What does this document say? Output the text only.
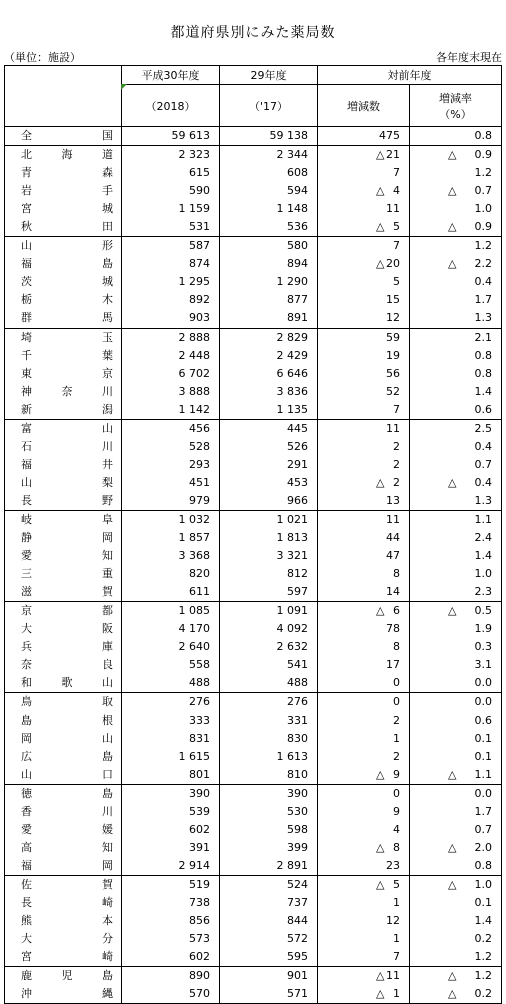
都道府県別にみた薬局数
（単位：施設）	各年度末現在
	平成30年度	29年度	対前年度	
	（2018）	（'17）	増減数	増減率
（%）

全 国	59 613	59 138	475	0.8

北 海 道	2 323	2 344	△ 21	△ 0.9

青 森	615	608	7	1.2

岩 手	590	594	△ 4	△ 0.7

宮 城	1 159	1 148	11	1.0

秋 田	531	536	△ 5	△ 0.9

山 形	587	580	7	1.2

福 島	874	894	△ 20	△ 2.2

茨 城	1 295	1 290	5	0.4

栃 木	892	877	15	1.7

群 馬	903	891	12	1.3

埼 玉	2 888	2 829	59	2.1

千 葉	2 448	2 429	19	0.8

東 京	6 702	6 646	56	0.8

神 奈 川	3 888	3 836	52	1.4

新 潟	1 142	1 135	7	0.6

富 山	456	445	11	2.5

石 川	528	526	2	0.4

福 井	293	291	2	0.7

山 梨	451	453	△ 2	△ 0.4

長 野	979	966	13	1.3

岐 阜	1 032	1 021	11	1.1

静 岡	1 857	1 813	44	2.4

愛 知	3 368	3 321	47	1.4

三 重	820	812	8	1.0

滋 賀	611	597	14	2.3

京 都	1 085	1 091	△ 6	△ 0.5

大 阪	4 170	4 092	78	1.9

兵 庫	2 640	2 632	8	0.3

奈 良	558	541	17	3.1

和 歌 山	488	488	0	0.0

鳥 取	276	276	0	0.0

島 根	333	331	2	0.6

岡 山	831	830	1	0.1

広 島	1 615	1 613	2	0.1

山 口	801	810	△ 9	△ 1.1

徳 島	390	390	0	0.0

香 川	539	530	9	1.7

愛 媛	602	598	4	0.7

高 知	391	399	△ 8	△ 2.0

福 岡	2 914	2 891	23	0.8

佐 賀	519	524	△ 5	△ 1.0

長 崎	738	737	1	0.1

熊 本	856	844	12	1.4

大 分	573	572	1	0.2

宮 崎	602	595	7	1.2

鹿 児 島	890	901	△ 11	△ 1.2

沖 縄	570	571	△ 1	△ 0.2
